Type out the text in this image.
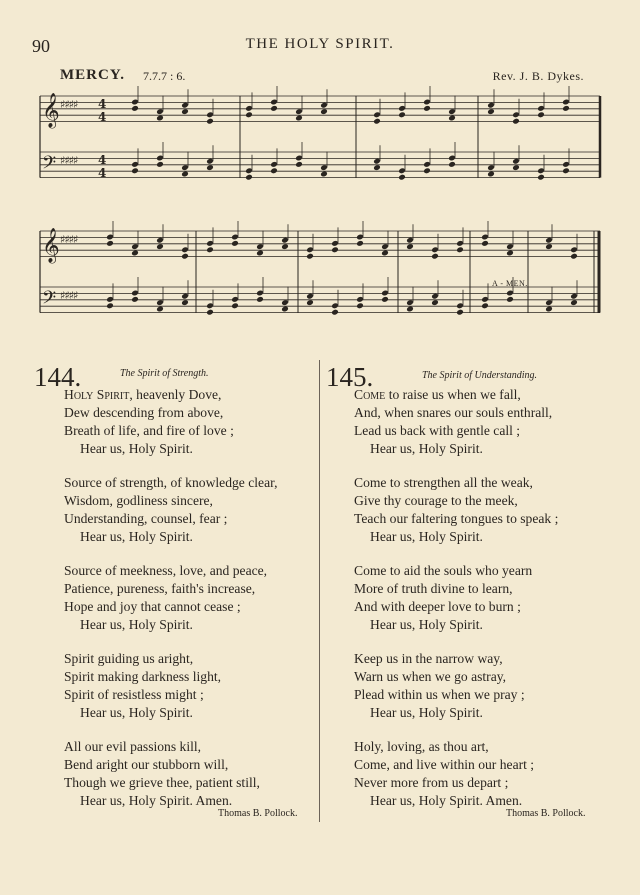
90	THE HOLY SPIRIT.
MERCY. 7.7.7 : 6.	Rev. J. B. Dykes.
𝄞 ♯♯♯♯ 4
4
𝄢 ♯♯♯♯ 4
4
𝄞 ♯♯♯♯
𝄢 ♯♯♯♯
A - MEN.
144.	The Spirit of Strength.
Holy Spirit, heavenly Dove,
Dew descending from above,
Breath of life, and fire of love ;
Hear us, Holy Spirit.
Source of strength, of knowledge clear,
Wisdom, godliness sincere,
Understanding, counsel, fear ;
Hear us, Holy Spirit.
Source of meekness, love, and peace,
Patience, pureness, faith's increase,
Hope and joy that cannot cease ;
Hear us, Holy Spirit.
Spirit guiding us aright,
Spirit making darkness light,
Spirit of resistless might ;
Hear us, Holy Spirit.
All our evil passions kill,
Bend aright our stubborn will,
Though we grieve thee, patient still,
Hear us, Holy Spirit. Amen.
Thomas B. Pollock.
145.	The Spirit of Understanding.
Come to raise us when we fall,
And, when snares our souls enthrall,
Lead us back with gentle call ;
Hear us, Holy Spirit.
Come to strengthen all the weak,
Give thy courage to the meek,
Teach our faltering tongues to speak ;
Hear us, Holy Spirit.
Come to aid the souls who yearn
More of truth divine to learn,
And with deeper love to burn ;
Hear us, Holy Spirit.
Keep us in the narrow way,
Warn us when we go astray,
Plead within us when we pray ;
Hear us, Holy Spirit.
Holy, loving, as thou art,
Come, and live within our heart ;
Never more from us depart ;
Hear us, Holy Spirit. Amen.
Thomas B. Pollock.
